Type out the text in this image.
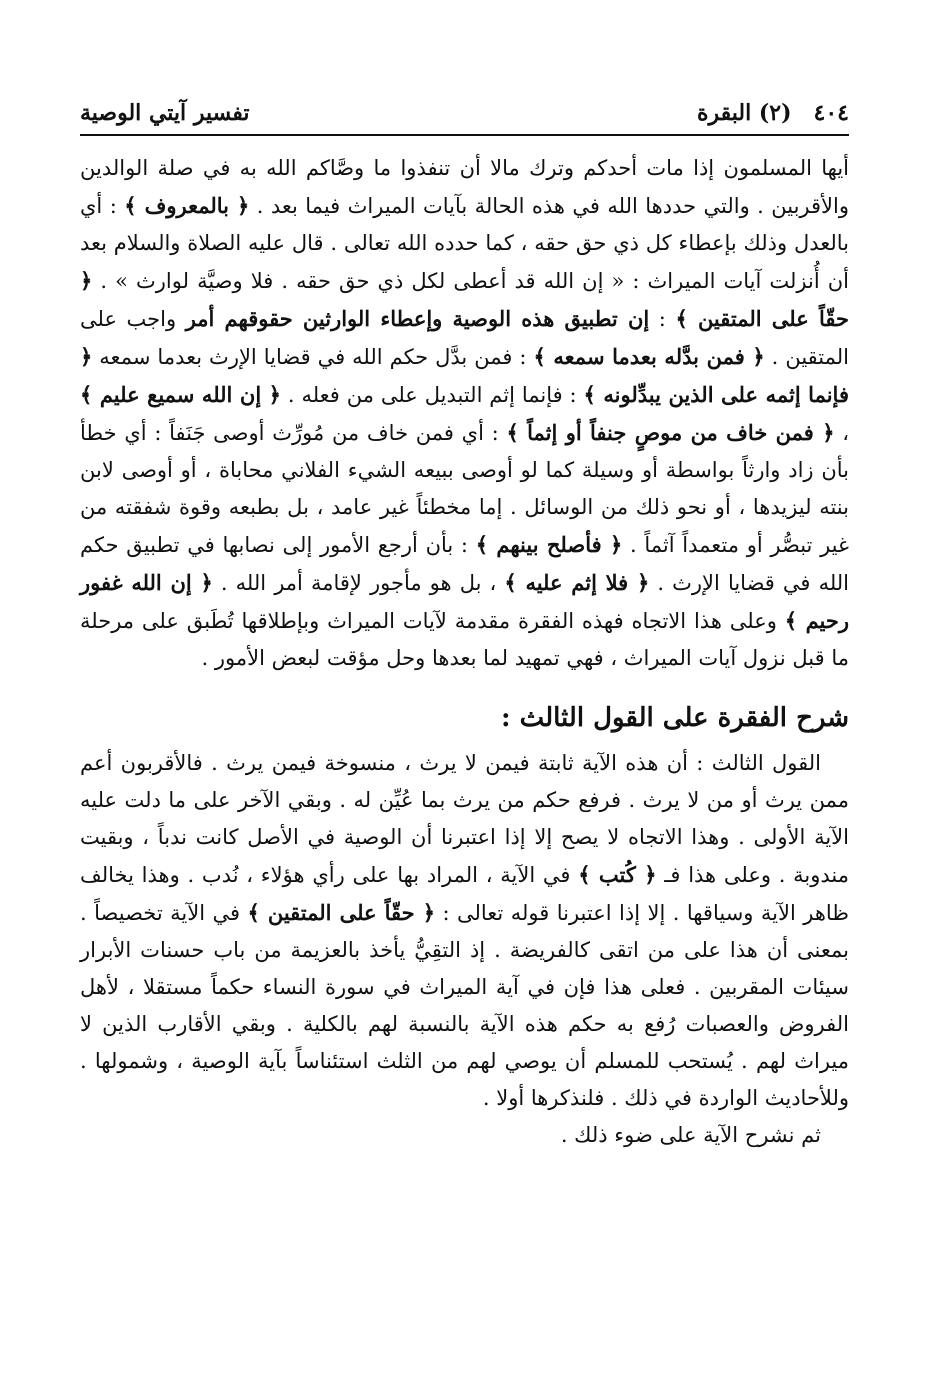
٤٠٤
(٢) البقرة
تفسير آيتي الوصية

أيها المسلمون إذا مات أحدكم وترك مالا أن تنفذوا ما وصَّاكم الله به في صلة الوالدين والأقربين . والتي حددها الله في هذه الحالة بآيات الميراث فيما بعد . ﴿ بالمعروف ﴾ : أي بالعدل وذلك بإعطاء كل ذي حق حقه ، كما حدده الله تعالى . قال عليه الصلاة والسلام بعد أن أُنزلت آيات الميراث : « إن الله قد أعطى لكل ذي حق حقه . فلا وصيَّة لوارث » . ﴿ حقّاً على المتقين ﴾ : إن تطبيق هذه الوصية وإعطاء الوارثين حقوقهم أمر واجب على المتقين . ﴿ فمن بدَّله بعدما سمعه ﴾ : فمن بدَّل حكم الله في قضايا الإرث بعدما سمعه ﴿ فإنما إثمه على الذين يبدِّلونه ﴾ : فإنما إثم التبديل على من فعله . ﴿ إن الله سميع عليم ﴾ ، ﴿ فمن خاف من موصٍ جنفاً أو إثماً ﴾ : أي فمن خاف من مُورِّث أوصى جَنَفاً : أي خطأ بأن زاد وارثاً بواسطة أو وسيلة كما لو أوصى ببيعه الشيء الفلاني محاباة ، أو أوصى لابن بنته ليزيدها ، أو نحو ذلك من الوسائل . إما مخطئاً غير عامد ، بل بطبعه وقوة شفقته من غير تبصُّر أو متعمداً آثماً . ﴿ فأصلح بينهم ﴾ : بأن أرجع الأمور إلى نصابها في تطبيق حكم الله في قضايا الإرث . ﴿ فلا إثم عليه ﴾ ، بل هو مأجور لإقامة أمر الله . ﴿ إن الله غفور رحيم ﴾ وعلى هذا الاتجاه فهذه الفقرة مقدمة لآيات الميراث وبإطلاقها تُطَبق على مرحلة ما قبل نزول آيات الميراث ، فهي تمهيد لما بعدها وحل مؤقت لبعض الأمور .

شرح الفقرة على القول الثالث :

القول الثالث : أن هذه الآية ثابتة فيمن لا يرث ، منسوخة فيمن يرث . فالأقربون أعم ممن يرث أو من لا يرث . فرفع حكم من يرث بما عُيِّن له . وبقي الآخر على ما دلت عليه الآية الأولى . وهذا الاتجاه لا يصح إلا إذا اعتبرنا أن الوصية في الأصل كانت ندباً ، وبقيت مندوبة . وعلى هذا فـ ﴿ كُتب ﴾ في الآية ، المراد بها على رأي هؤلاء ، نُدب . وهذا يخالف ظاهر الآية وسياقها . إلا إذا اعتبرنا قوله تعالى : ﴿ حقّاً على المتقين ﴾ في الآية تخصيصاً . بمعنى أن هذا على من اتقى كالفريضة . إذ التقِيُّ يأخذ بالعزيمة من باب حسنات الأبرار سيئات المقربين . فعلى هذا فإن في آية الميراث في سورة النساء حكماً مستقلا ، لأهل الفروض والعصبات رُفع به حكم هذه الآية بالنسبة لهم بالكلية . وبقي الأقارب الذين لا ميراث لهم . يُستحب للمسلم أن يوصي لهم من الثلث استئناساً بآية الوصية ، وشمولها . وللأحاديث الواردة في ذلك . فلنذكرها أولا .

ثم نشرح الآية على ضوء ذلك .
